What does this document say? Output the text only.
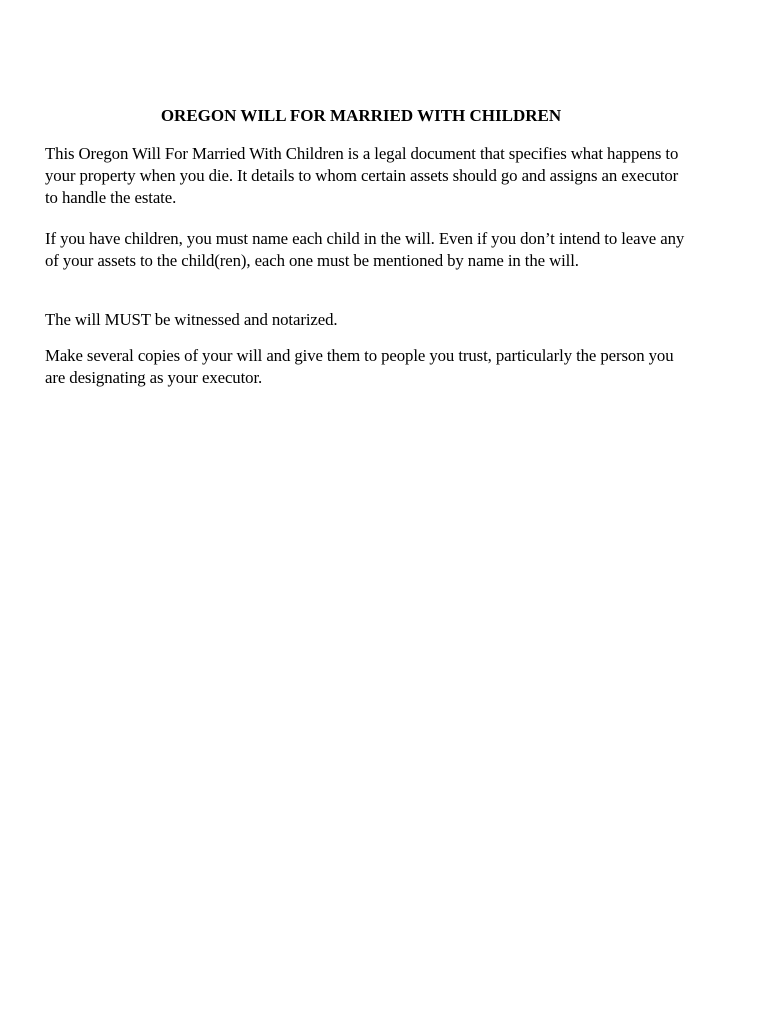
OREGON WILL FOR MARRIED WITH CHILDREN

This Oregon Will For Married With Children is a legal document that specifies what happens to your property when you die. It details to whom certain assets should go and assigns an executor to handle the estate.

If you have children, you must name each child in the will. Even if you don’t intend to leave any of your assets to the child(ren), each one must be mentioned by name in the will.

The will MUST be witnessed and notarized.

Make several copies of your will and give them to people you trust, particularly the person you are designating as your executor.
